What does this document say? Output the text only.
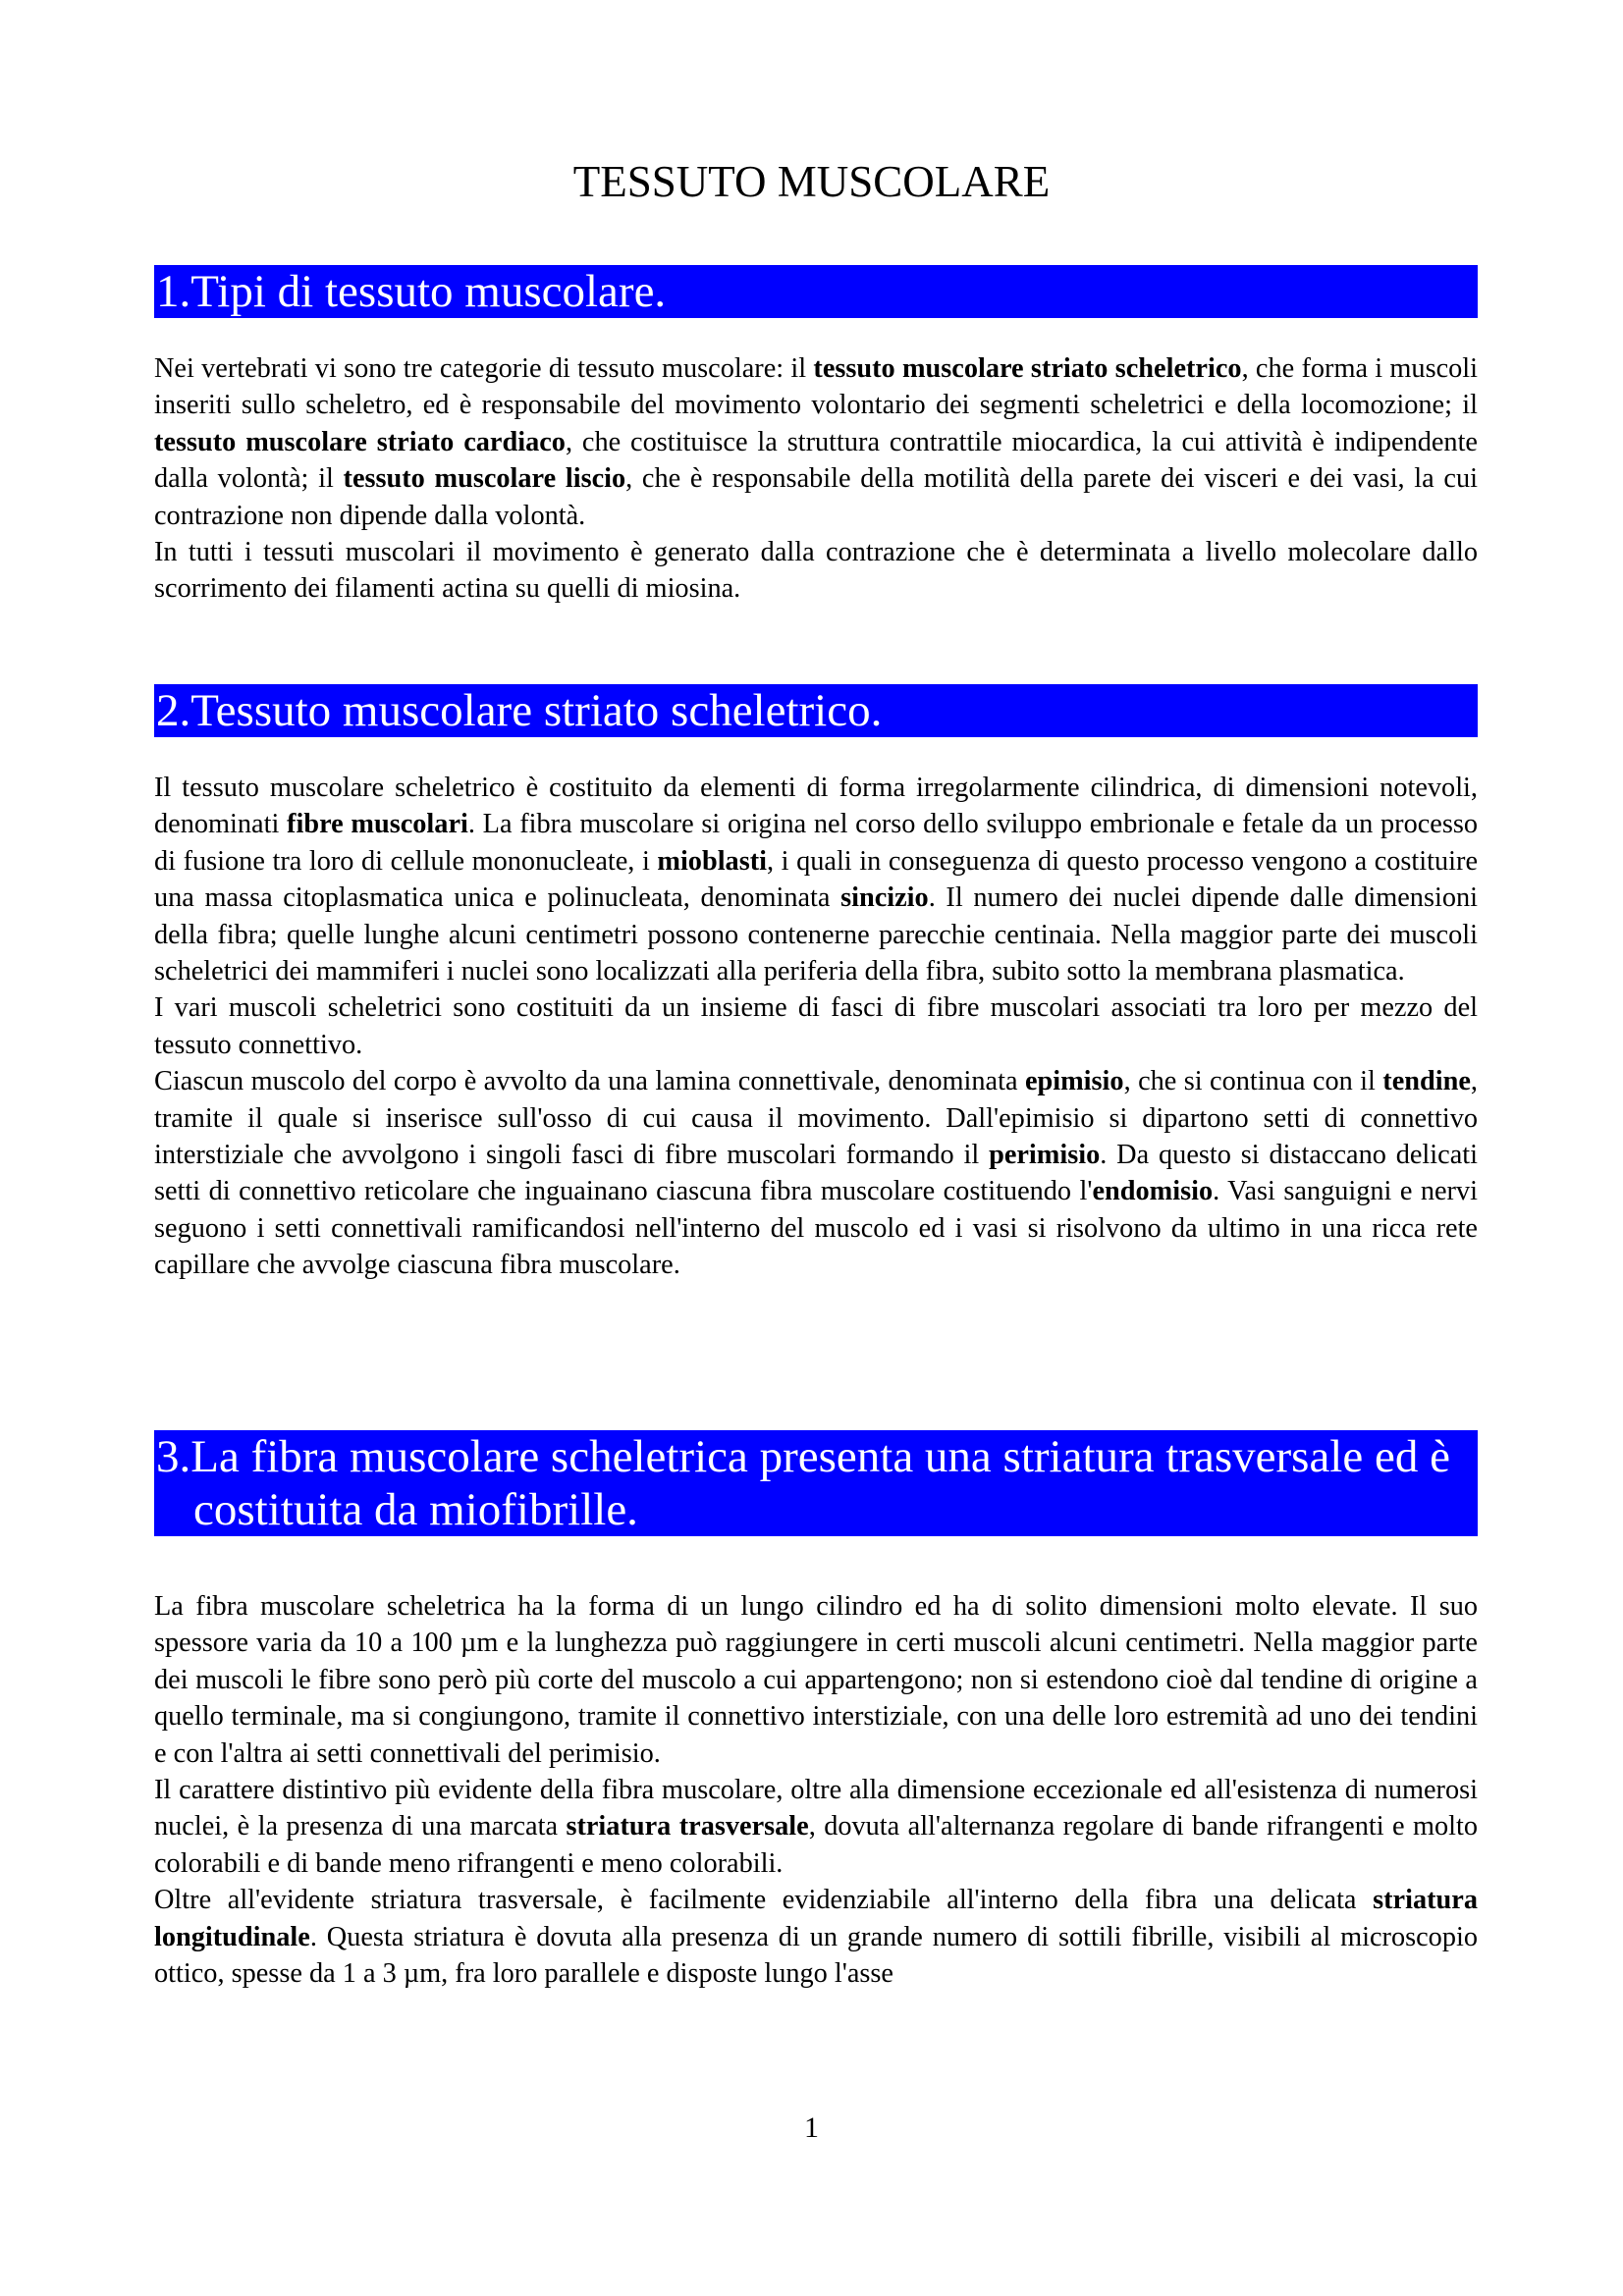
TESSUTO MUSCOLARE
1.Tipi di tessuto muscolare.

Nei vertebrati vi sono tre categorie di tessuto muscolare: il tessuto muscolare striato scheletrico, che forma i muscoli inseriti sullo scheletro, ed è responsabile del movimento volontario dei segmenti scheletrici e della locomozione; il tessuto muscolare striato cardiaco, che costituisce la struttura contrattile miocardica, la cui attività è indipendente dalla volontà; il tessuto muscolare liscio, che è responsabile della motilità della parete dei visceri e dei vasi, la cui contrazione non dipende dalla volontà.

In tutti i tessuti muscolari il movimento è generato dalla contrazione che è determinata a livello molecolare dallo scorrimento dei filamenti actina su quelli di miosina.

2.Tessuto muscolare striato scheletrico.

Il tessuto muscolare scheletrico è costituito da elementi di forma irregolarmente cilindrica, di dimensioni notevoli, denominati fibre muscolari. La fibra muscolare si origina nel corso dello sviluppo embrionale e fetale da un processo di fusione tra loro di cellule mononucleate, i mioblasti, i quali in conseguenza di questo processo vengono a costituire una massa citoplasmatica unica e polinucleata, denominata sincizio. Il numero dei nuclei dipende dalle dimensioni della fibra; quelle lunghe alcuni centimetri possono contenerne parecchie centinaia. Nella maggior parte dei muscoli scheletrici dei mammiferi i nuclei sono localizzati alla periferia della fibra, subito sotto la membrana plasmatica.

I vari muscoli scheletrici sono costituiti da un insieme di fasci di fibre muscolari associati tra loro per mezzo del tessuto connettivo.

Ciascun muscolo del corpo è avvolto da una lamina connettivale, denominata epimisio, che si continua con il tendine, tramite il quale si inserisce sull'osso di cui causa il movimento. Dall'epimisio si dipartono setti di connettivo interstiziale che avvolgono i singoli fasci di fibre muscolari formando il perimisio. Da questo si distaccano delicati setti di connettivo reticolare che inguainano ciascuna fibra muscolare costituendo l'endomisio. Vasi sanguigni e nervi seguono i setti connettivali ramificandosi nell'interno del muscolo ed i vasi si risolvono da ultimo in una ricca rete capillare che avvolge ciascuna fibra muscolare.

3.La fibra muscolare scheletrica presenta una striatura trasversale ed è costituita da miofibrille.

La fibra muscolare scheletrica ha la forma di un lungo cilindro ed ha di solito dimensioni molto elevate. Il suo spessore varia da 10 a 100 µm e la lunghezza può raggiungere in certi muscoli alcuni centimetri. Nella maggior parte dei muscoli le fibre sono però più corte del muscolo a cui appartengono; non si estendono cioè dal tendine di origine a quello terminale, ma si congiungono, tramite il connettivo interstiziale, con una delle loro estremità ad uno dei tendini e con l'altra ai setti connettivali del perimisio.

Il carattere distintivo più evidente della fibra muscolare, oltre alla dimensione eccezionale ed all'esistenza di numerosi nuclei, è la presenza di una marcata striatura trasversale, dovuta all'alternanza regolare di bande rifrangenti e molto colorabili e di bande meno rifrangenti e meno colorabili.

Oltre all'evidente striatura trasversale, è facilmente evidenziabile all'interno della fibra una delicata striatura longitudinale. Questa striatura è dovuta alla presenza di un grande numero di sottili fibrille, visibili al microscopio ottico, spesse da 1 a 3 µm, fra loro parallele e disposte lungo l'asse

1
